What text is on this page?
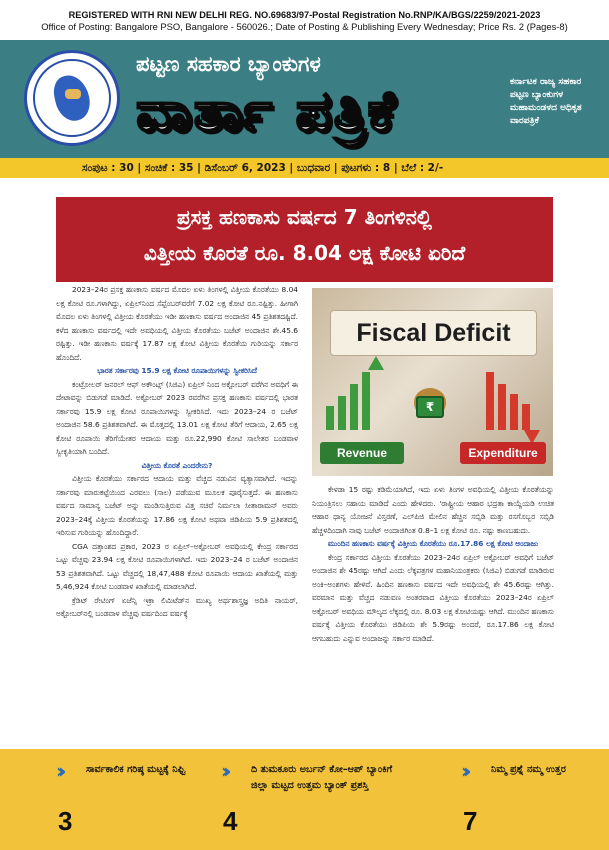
REGISTERED WITH RNI NEW DELHI REG. NO.69683/97-Postal Registration No.RNP/KA/BGS/2259/2021-2023
Office of Posting: Bangalore PSO, Bangalore - 560026.; Date of Posting & Publishing Every Wednesday; Price Rs. 2 (Pages-8)
ಪಟ್ಟಣ ಸಹಕಾರ ಬ್ಯಾಂಕುಗಳ
ವಾರ್ತಾ ಪತ್ರಿಕೆ	ಕರ್ನಾಟಕ ರಾಜ್ಯ ಸಹಕಾರ ಪಟ್ಟಣ ಬ್ಯಾಂಕುಗಳ ಮಹಾಮಂಡಳದ ಅಧಿಕೃತ ವಾರಪತ್ರಿಕೆ
ಸಂಪುಟ : 30 | ಸಂಚಿಕೆ : 35 | ಡಿಸೆಂಬರ್ 6, 2023 | ಬುಧವಾರ | ಪುಟಗಳು : 8 | ಬೆಲೆ : 2/-
ಪ್ರಸಕ್ತ ಹಣಕಾಸು ವರ್ಷದ 7 ತಿಂಗಳಿನಲ್ಲಿ
ವಿತ್ತೀಯ ಕೊರತೆ ರೂ. 8.04 ಲಕ್ಷ ಕೋಟಿ ಏರಿದೆ

2023–24ರ ಪ್ರಸಕ್ತ ಹಣಕಾಸು ವರ್ಷದ ಮೊದಲ ಏಳು ತಿಂಗಳಲ್ಲಿ ವಿತ್ತೀಯ ಕೊರತೆಯು 8.04 ಲಕ್ಷ ಕೋಟಿ ರೂ.ಗಳಾಗಿದ್ದು, ಏಪ್ರಿಲ್‌ನಿಂದ ಸೆಪ್ಟೆಂಬರ್‌ವರೆಗೆ 7.02 ಲಕ್ಷ ಕೋಟಿ ರೂ.ನಷ್ಟಿತ್ತು. ಹೀಗಾಗಿ ಮೊದಲ ಏಳು ತಿಂಗಳಲ್ಲಿ ವಿತ್ತೀಯ ಕೊರತೆಯು ಇಡೀ ಹಣಕಾಸು ವರ್ಷದ ಅಂದಾಜಿನ 45 ಪ್ರತಿಶತದಷ್ಟಿದೆ. ಕಳೆದ ಹಣಕಾಸು ವರ್ಷದಲ್ಲಿ ಇದೇ ಅವಧಿಯಲ್ಲಿ ವಿತ್ತೀಯ ಕೊರತೆಯು ಬಜೆಟ್ ಅಂದಾಜಿನ ಶೇ.45.6 ರಷ್ಟಿತ್ತು. ಇಡೀ ಹಣಕಾಸು ವರ್ಷಕ್ಕೆ 17.87 ಲಕ್ಷ ಕೋಟಿ ವಿತ್ತೀಯ ಕೊರತೆಯ ಗುರಿಯನ್ನು ಸರ್ಕಾರ ಹೊಂದಿದೆ.

ಭಾರತ ಸರ್ಕಾರವು 15.9 ಲಕ್ಷ ಕೋಟಿ ರೂಪಾಯಿಗಳನ್ನು ಸ್ವೀಕರಿಸಿದೆ

ಕಂಟ್ರೋಲರ್ ಜನರಲ್ ಆಫ್ ಅಕೌಂಟ್ಸ್ (ಸಿಜಿಎ) ಏಪ್ರಿಲ್ ನಿಂದ ಅಕ್ಟೋಬರ್ ವರೆಗಿನ ಅವಧಿಗೆ ಈ ದೇಟಾವನ್ನು ಬಿಡುಗಡೆ ಮಾಡಿದೆ. ಅಕ್ಟೋಬರ್ 2023 ರವರೆಗಿನ ಪ್ರಸಕ್ತ ಹಣಕಾಸು ವರ್ಷದಲ್ಲಿ ಭಾರತ ಸರ್ಕಾರವು 15.9 ಲಕ್ಷ ಕೋಟಿ ರೂಪಾಯಿಗಳನ್ನು ಸ್ವೀಕರಿಸಿದೆ. ಇದು 2023–24 ರ ಬಜೆಟ್ ಅಂದಾಜಿನ 58.6 ಪ್ರತಿಶತವಾಗಿದೆ. ಈ ಮೊತ್ತದಲ್ಲಿ 13.01 ಲಕ್ಷ ಕೋಟಿ ತೆರಿಗೆ ಆದಾಯ, 2.65 ಲಕ್ಷ ಕೋಟಿ ರೂಪಾಯಿ ತೆರಿಗೆಯೇತರ ಆದಾಯ ಮತ್ತು ರೂ.22,990 ಕೋಟಿ ಸಾಲೇತರ ಬಂಡವಾಳ ಸ್ವೀಕೃತಿಯಾಗಿ ಬಂದಿದೆ.

ವಿತ್ತೀಯ ಕೊರತೆ ಎಂದರೇನು?

ವಿತ್ತೀಯ ಕೊರತೆಯು ಸರ್ಕಾರದ ಆದಾಯ ಮತ್ತು ವೆಚ್ಚದ ನಡುವಿನ ವ್ಯತ್ಯಾಸವಾಗಿದೆ. ಇದನ್ನು ಸರ್ಕಾರವು ಮಾರುಕಟ್ಟೆಯಿಂದ ಎರವಲು (ಸಾಲ) ಪಡೆಯುವ ಮೂಲಕ ಪೂರೈಸುತ್ತದೆ. ಈ ಹಣಕಾಸು ವರ್ಷದ ಸಾಮಾನ್ಯ ಬಜೆಟ್ ಅನ್ನು ಮಂಡಿಸುತ್ತಿರುವ ವಿತ್ತ ಸಚಿವೆ ನಿರ್ಮಲಾ ಸೀತಾರಾಮನ್ ಅವರು 2023–24ಕ್ಕೆ ವಿತ್ತೀಯ ಕೊರತೆಯನ್ನು 17.86 ಲಕ್ಷ ಕೋಟಿ ಅಥವಾ ಜಿಡಿಪಿಯ 5.9 ಪ್ರತಿಶತದಲ್ಲಿ ಇರಿಸುವ ಗುರಿಯನ್ನು ಹೊಂದಿದ್ದಾರೆ.

CGA ದತ್ತಾಂಶದ ಪ್ರಕಾರ, 2023 ರ ಏಪ್ರಿಲ್–ಅಕ್ಟೋಬರ್ ಅವಧಿಯಲ್ಲಿ ಕೇಂದ್ರ ಸರ್ಕಾರದ ಒಟ್ಟು ವೆಚ್ಚವು 23.94 ಲಕ್ಷ ಕೋಟಿ ರೂಪಾಯಿಗಳಾಗಿದೆ. ಇದು 2023–24 ರ ಬಜೆಟ್ ಅಂದಾಜಿನ 53 ಪ್ರತಿಶತವಾಗಿದೆ. ಒಟ್ಟು ವೆಚ್ಚದಲ್ಲಿ 18,47,488 ಕೋಟಿ ರೂಪಾಯಿ ಆದಾಯ ಖಾತೆಯಲ್ಲಿ ಮತ್ತು 5,46,924 ಕೋಟಿ ಬಂಡವಾಳ ಖಾತೆಯಲ್ಲಿ ಮಾಡಲಾಗಿದೆ.

ಕ್ರೆಡಿಟ್ ರೇಟಿಂಗ್ ಏಜೆನ್ಸಿ ಇಕ್ರಾ ಲಿಮಿಟೆಡ್‌ನ ಮುಖ್ಯ ಅರ್ಥಶಾಸ್ತ್ರಜ್ಞ ಅದಿತಿ ನಾಯರ್, ಅಕ್ಟೋಬರ್‌ನಲ್ಲಿ ಬಂಡವಾಳ ವೆಚ್ಚವು ವರ್ಷದಿಂದ ವರ್ಷಕ್ಕೆ

Fiscal Deficit
₹
Revenue	Expenditure

ಕೇಳಡಾ 15 ರಷ್ಟು ಕಡಿಮೆಯಾಗಿದೆ, ಇದು ಏಳು ತಿಂಗಳ ಅವಧಿಯಲ್ಲಿ ವಿತ್ತೀಯ ಕೊರತೆಯನ್ನು ನಿಯಂತ್ರಿಸಲು ಸಹಾಯ ಮಾಡಿದೆ ಎಂದು ಹೇಳಿದರು. 'ರಾಷ್ಟ್ರೀಯ ಆಹಾರ ಭದ್ರತಾ ಕಾಯ್ದೆಯಡಿ ಉಚಿತ ಆಹಾರ ಧಾನ್ಯ ಯೋಜನೆ ವಿಸ್ತರಣೆ, ಎಲ್‌ಪಿಜಿ ಮೇಲಿನ ಹೆಚ್ಚಿನ ಸಬ್ಸಿಡಿ ಮತ್ತು ರಸಗೊಬ್ಬರ ಸಬ್ಸಿಡಿ ಹೆಚ್ಚಳದಿಂದಾಗಿ ನಾವು ಬಜೆಟ್ ಅಂದಾಜಿಗಿಂತ 0.8–1 ಲಕ್ಷ ಕೋಟಿ ರೂ. ನಷ್ಟು ಕಾಣಬಹುದು.

ಮುಂದಿನ ಹಣಕಾಸು ವರ್ಷಕ್ಕೆ ವಿತ್ತೀಯ ಕೊರತೆಯು ರೂ.17.86 ಲಕ್ಷ ಕೋಟಿ ಅಂದಾಜು

ಕೇಂದ್ರ ಸರ್ಕಾರದ ವಿತ್ತೀಯ ಕೊರತೆಯು 2023–24ರ ಏಪ್ರಿಲ್ ಅಕ್ಟೋಬರ್ ಅವಧಿಗೆ ಬಜೆಟ್ ಅಂದಾಜಿನ ಶೇ 45ರಷ್ಟು ಆಗಿದೆ ಎಂದು ಲೆಕ್ಕಪತ್ರಗಳ ಮಹಾನಿಯಂತ್ರಕರು (ಸಿಜಿಎ) ಬಿಡುಗಡೆ ಮಾಡಿರುವ ಅಂಕಿ–ಅಂಶಗಳು ಹೇಳಿವೆ. ಹಿಂದಿನ ಹಣಕಾಸು ವರ್ಷದ ಇದೇ ಅವಧಿಯಲ್ಲಿ ಶೇ 45.6ರಷ್ಟು ಆಗಿತ್ತು. ವರಮಾನ ಮತ್ತು ವೆಚ್ಚದ ನಡುವಣ ಅಂತರವಾದ ವಿತ್ತೀಯ ಕೊರತೆಯು 2023–24ರ ಏಪ್ರಿಲ್ ಅಕ್ಟೋಬರ್ ಅವಧಿಯ ಮೌಲ್ಯದ ಲೆಕ್ಕದಲ್ಲಿ ರೂ. 8.03 ಲಕ್ಷ ಕೋಟಿಯಷ್ಟು ಆಗಿದೆ. ಮುಂದಿನ ಹಣಕಾಸು ವರ್ಷಕ್ಕೆ ವಿತ್ತೀಯ ಕೊರತೆಯು ಜಿಡಿಪಿಯ ಶೇ 5.9ರಷ್ಟು ಅಂದರೆ, ರೂ.17.86 ಲಕ್ಷ ಕೋಟಿ ಆಗಬಹುದು ಎನ್ನುವ ಅಂದಾಜನ್ನು ಸರ್ಕಾರ ಮಾಡಿದೆ.

››	ಸಾರ್ವಕಾಲಿಕ ಗರಿಷ್ಠ ಮಟ್ಟಕ್ಕೆ ನಿಫ್ಟಿ
3
››	ದಿ ತುಮಕೂರು ಅರ್ಬನ್ ಕೋ–ಆಪ್ ಬ್ಯಾಂಕಿಗೆ ಜಿಲ್ಲಾ ಮಟ್ಟದ ಉತ್ತಮ ಬ್ಯಾಂಕ್ ಪ್ರಶಸ್ತಿ
4
››	ನಿಮ್ಮ ಪ್ರಶ್ನೆ ನಮ್ಮ ಉತ್ತರ
7
